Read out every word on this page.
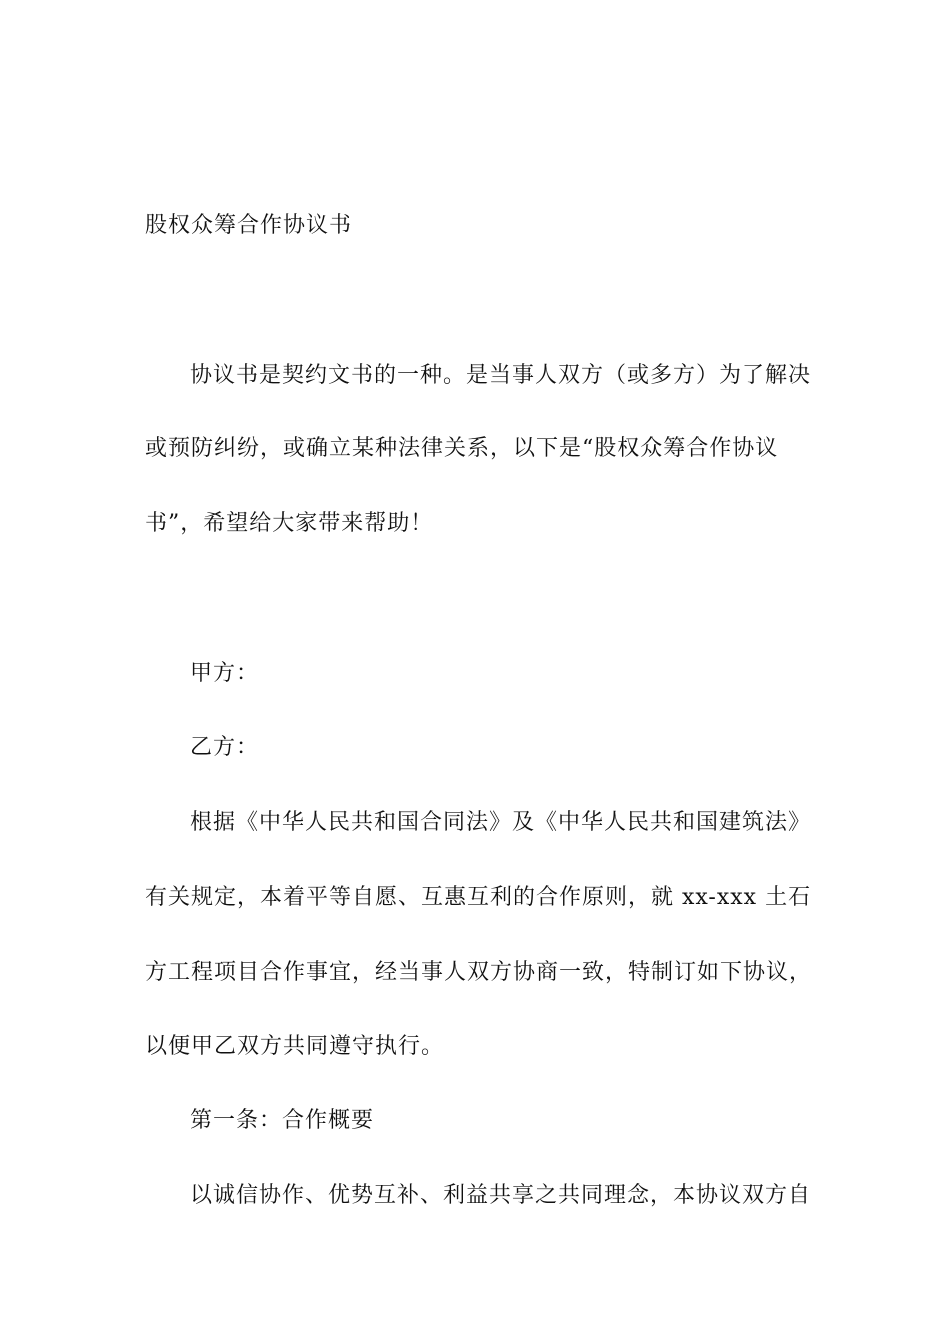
股权众筹合作协议书
协议书是契约文书的一种。是当事人双方（或多方）为了解决
或预防纠纷，或确立某种法律关系，以下是“股权众筹合作协议
书”，希望给大家带来帮助！
甲方：
乙方：
根据《中华人民共和国合同法》及《中华人民共和国建筑法》
有关规定，本着平等自愿、互惠互利的合作原则，就 xx-xxx 土石
方工程项目合作事宜，经当事人双方协商一致，特制订如下协议，
以便甲乙双方共同遵守执行。
第一条：合作概要
以诚信协作、优势互补、利益共享之共同理念，本协议双方自
